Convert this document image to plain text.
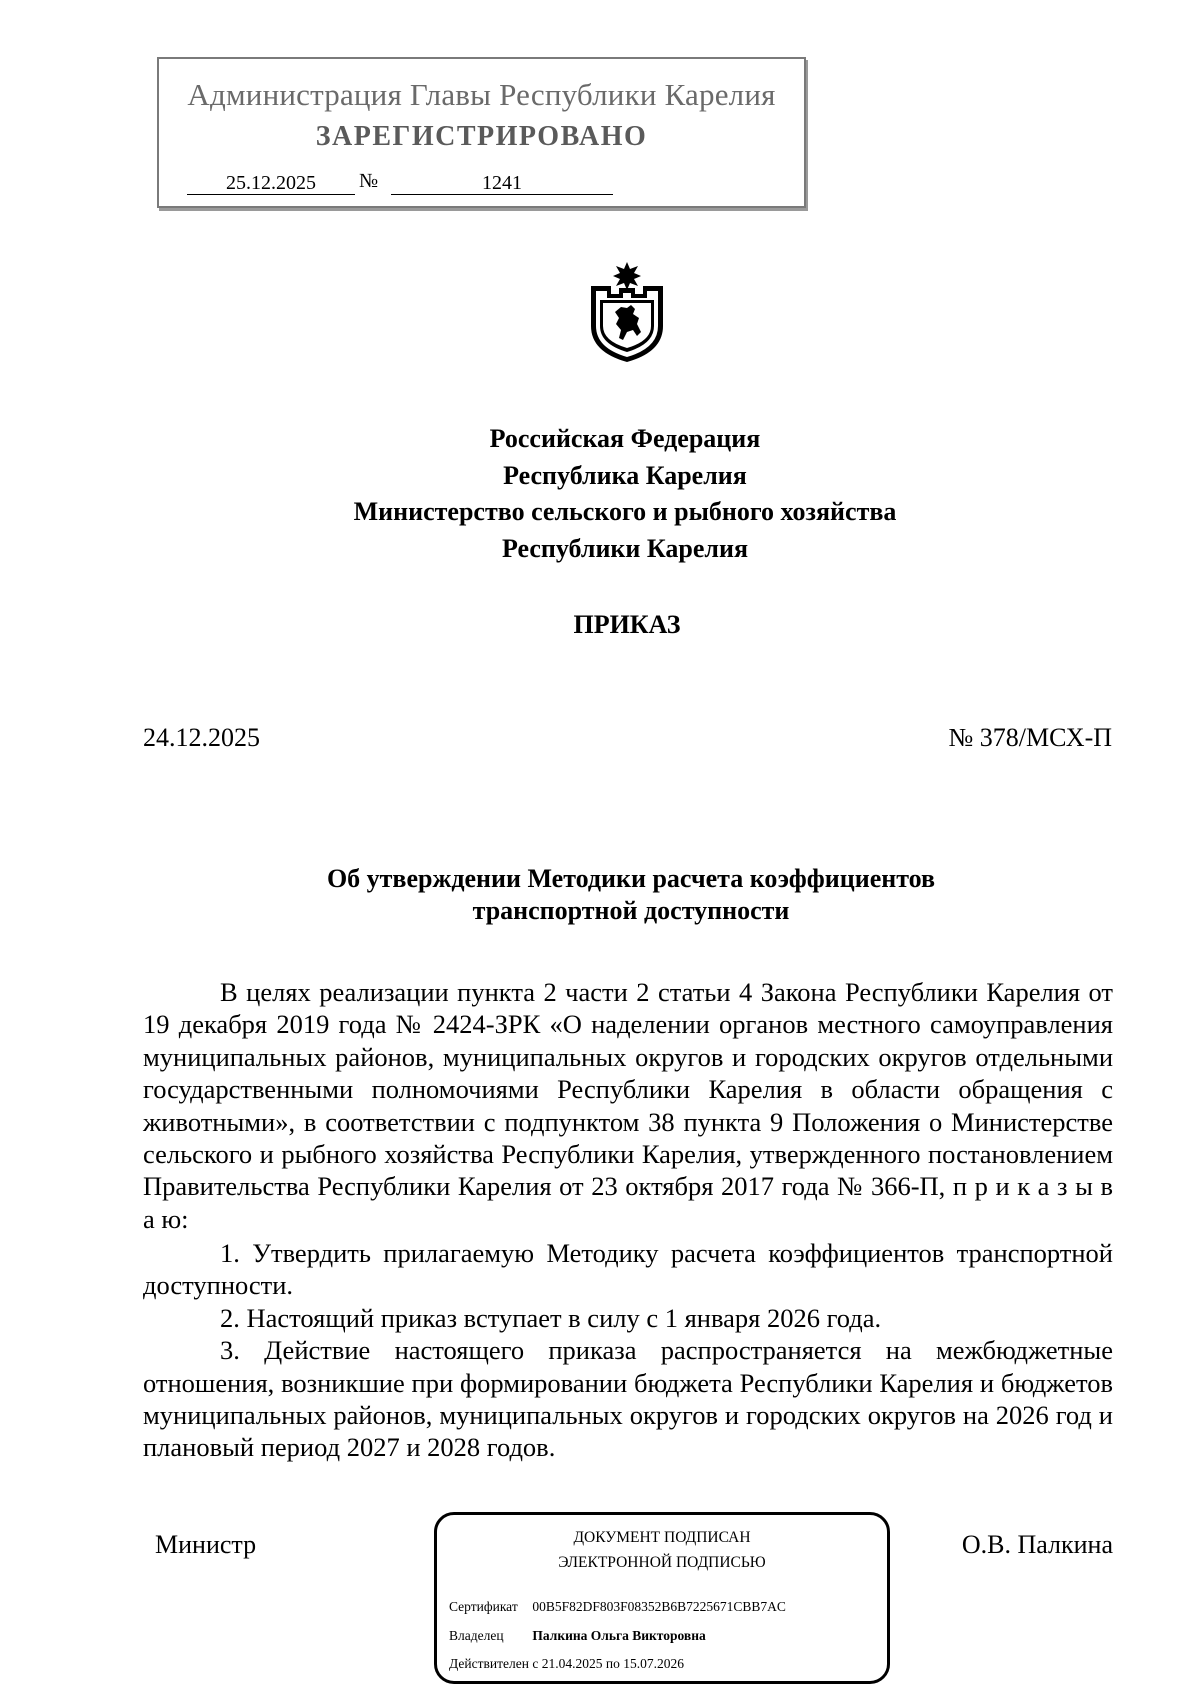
Администрация Главы Республики Карелия
ЗАРЕГИСТРИРОВАНО
25.12.2025	№	1241
Российская Федерация
Республика Карелия
Министерство сельского и рыбного хозяйства
Республики Карелия
ПРИКАЗ
24.12.2025	№ 378/МСХ-П
Об утверждении Методики расчета коэффициентов
транспортной доступности

В целях реализации пункта 2 части 2 статьи 4 Закона Республики Карелия от 19 декабря 2019 года № 2424-ЗРК «О наделении органов местного самоуправления муниципальных районов, муниципальных округов и городских округов отдельными государственными полномочиями Республики Карелия в области обращения с животными», в соответствии с подпунктом 38 пункта 9 Положения о Министерстве сельского и рыбного хозяйства Республики Карелия, утвержденного постановлением Правительства Республики Карелия от 23 октября 2017 года № 366-П, п р и к а з ы в а ю:

1. Утвердить прилагаемую Методику расчета коэффициентов транспортной доступности.

2. Настоящий приказ вступает в силу с 1 января 2026 года.

3. Действие настоящего приказа распространяется на межбюджетные отношения, возникшие при формировании бюджета Республики Карелия и бюджетов муниципальных районов, муниципальных округов и городских округов на 2026 год и плановый период 2027 и 2028 годов.

Министр	О.В. Палкина
ДОКУМЕНТ ПОДПИСАН
ЭЛЕКТРОННОЙ ПОДПИСЬЮ
Сертификат 00B5F82DF803F08352B6B7225671CBB7AC
Владелец Палкина Ольга Викторовна
Действителен с 21.04.2025 по 15.07.2026
